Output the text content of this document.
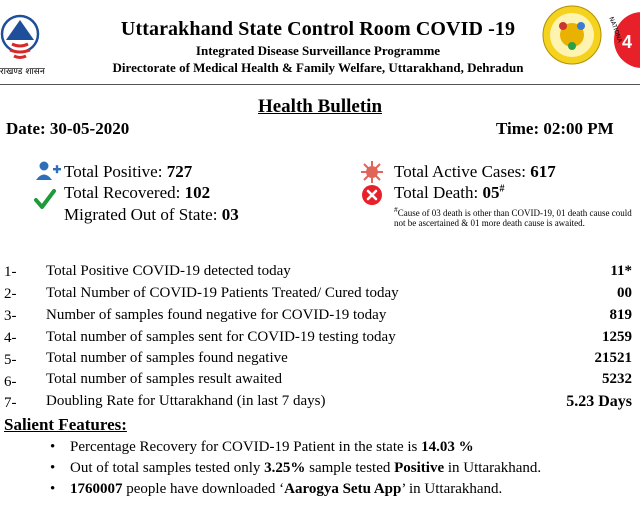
राखण्ड शासन
4
NATIONA
Uttarakhand State Control Room COVID -19
Integrated Disease Surveillance Programme
Directorate of Medical Health & Family Welfare, Uttarakhand, Dehradun
Health Bulletin
Date: 30-05-2020	Time: 02:00 PM
Total Positive: 727
Total Recovered: 102
Migrated Out of State: 03
Total Active Cases: 617
Total Death: 05#
#Cause of 03 death is other than COVID-19, 01 death cause could not be ascertained & 01 more death cause is awaited.
1- Total Positive COVID-19 detected today	11*
2- Total Number of COVID-19 Patients Treated/ Cured today	00
3- Number of samples found negative for COVID-19 today	819
4- Total number of samples sent for COVID-19 testing today	1259
5- Total number of samples found negative	21521
6- Total number of samples result awaited	5232
7- Doubling Rate for Uttarakhand (in last 7 days)	5.23 Days
Salient Features:
• Percentage Recovery for COVID-19 Patient in the state is 14.03 %
• Out of total samples tested only 3.25% sample tested Positive in Uttarakhand.
• 1760007 people have downloaded ‘Aarogya Setu App’ in Uttarakhand.
